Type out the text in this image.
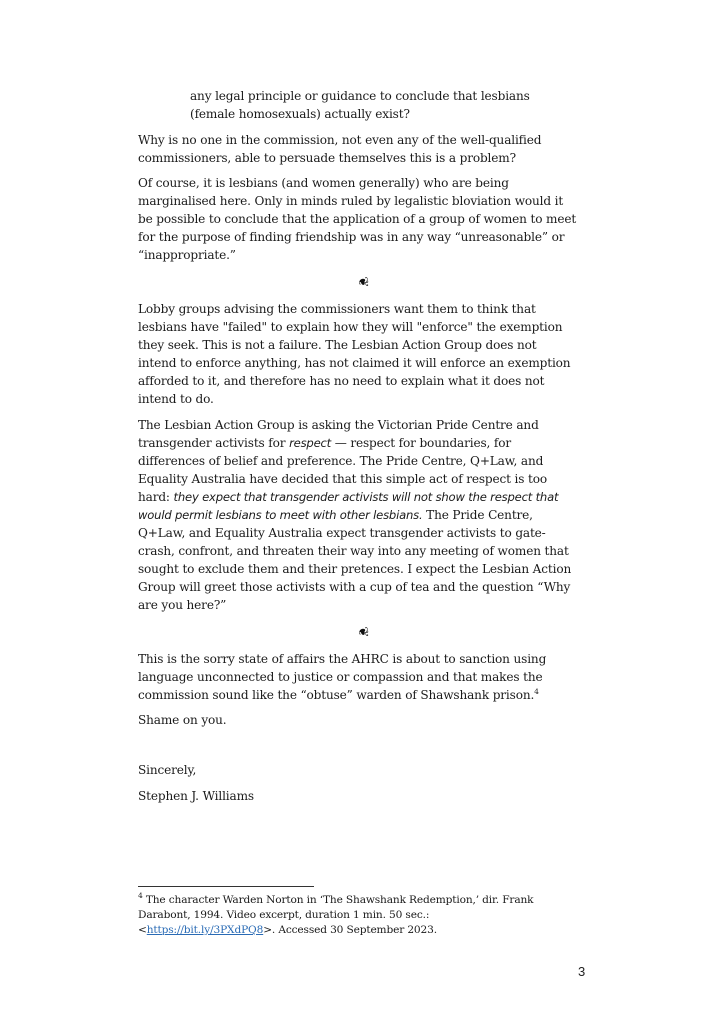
any legal principle or guidance to conclude that lesbians
(female homosexuals) actually exist?
Why is no one in the commission, not even any of the well-qualified
commissioners, able to persuade themselves this is a problem?
Of course, it is lesbians (and women generally) who are being
marginalised here. Only in minds ruled by legalistic bloviation would it
be possible to conclude that the application of a group of women to meet
for the purpose of finding friendship was in any way “unreasonable” or
“inappropriate.”
❦
Lobby groups advising the commissioners want them to think that
lesbians have "failed" to explain how they will "enforce" the exemption
they seek. This is not a failure. The Lesbian Action Group does not
intend to enforce anything, has not claimed it will enforce an exemption
afforded to it, and therefore has no need to explain what it does not
intend to do.
The Lesbian Action Group is asking the Victorian Pride Centre and
transgender activists for respect — respect for boundaries, for
differences of belief and preference. The Pride Centre, Q+Law, and
Equality Australia have decided that this simple act of respect is too
hard: they expect that transgender activists will not show the respect that
would permit lesbians to meet with other lesbians. The Pride Centre,
Q+Law, and Equality Australia expect transgender activists to gate-
crash, confront, and threaten their way into any meeting of women that
sought to exclude them and their pretences. I expect the Lesbian Action
Group will greet those activists with a cup of tea and the question “Why
are you here?”
❦
This is the sorry state of affairs the AHRC is about to sanction using
language unconnected to justice or compassion and that makes the
commission sound like the “obtuse” warden of Shawshank prison.$^4$
Shame on you.
Sincerely,
Stephen J. Williams
$^4$ The character Warden Norton in ‘The Shawshank Redemption,’ dir. Frank
Darabont, 1994. Video excerpt, duration 1 min. 50 sec.:
<https://bit.ly/3PXdPQ8>. Accessed 30 September 2023.
3
